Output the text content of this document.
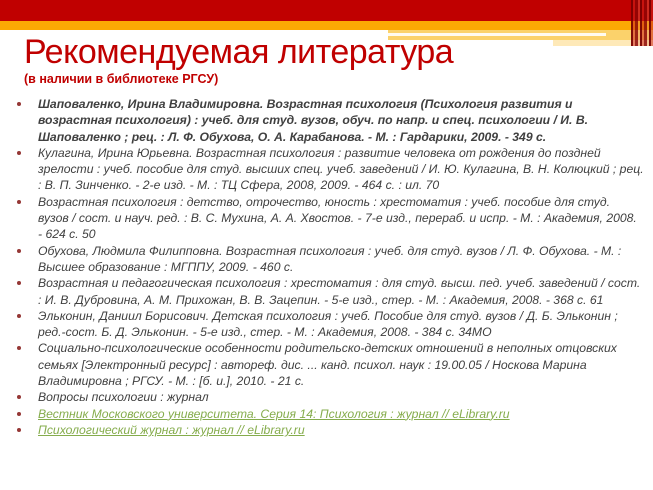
Рекомендуемая литература
(в наличии в библиотеке РГСУ)
Шаповаленко, Ирина Владимировна. Возрастная психология (Психология развития и возрастная психология) : учеб. для студ. вузов, обуч. по напр. и спец. психологии / И. В. Шаповаленко ; рец. : Л. Ф. Обухова, О. А. Карабанова. - М. : Гардарики, 2009. - 349 с.
Кулагина, Ирина Юрьевна. Возрастная психология : развитие человека от рождения до поздней зрелости : учеб. пособие для студ. высших спец. учеб. заведений / И. Ю. Кулагина, В. Н. Колюцкий ; рец. : В. П. Зинченко. - 2-е изд. - М. : ТЦ Сфера, 2008, 2009. - 464 с. : ил. 70
Возрастная психология : детство, отрочество, юность : хрестоматия : учеб. пособие для студ. вузов / сост. и науч. ред. : В. С. Мухина, А. А. Хвостов. - 7-е изд., перераб. и испр. - М. : Академия, 2008. - 624 с. 50
Обухова, Людмила Филипповна. Возрастная психология : учеб. для студ. вузов / Л. Ф. Обухова. - М. : Высшее образование : МГППУ, 2009. - 460 с.
Возрастная и педагогическая психология : хрестоматия : для студ. высш. пед. учеб. заведений / сост. : И. В. Дубровина, А. М. Прихожан, В. В. Зацепин. - 5-е изд., стер. - М. : Академия, 2008. - 368 с. 61
Эльконин, Даниил Борисович. Детская психология : учеб. Пособие для студ. вузов / Д. Б. Эльконин ; ред.-сост. Б. Д. Эльконин. - 5-е изд., стер. - М. : Академия, 2008. - 384 с. 34МО
Социально-психологические особенности родительско-детских отношений в неполных отцовских семьях [Электронный ресурс] : автореф. дис. ... канд. психол. наук : 19.00.05 / Носкова Марина Владимировна ; РГСУ. - М. : [б. и.], 2010. - 21 с.
Вопросы психологии : журнал
Вестник Московского университета. Серия 14: Психология : журнал // eLibrary.ru
Психологический журнал : журнал // eLibrary.ru
